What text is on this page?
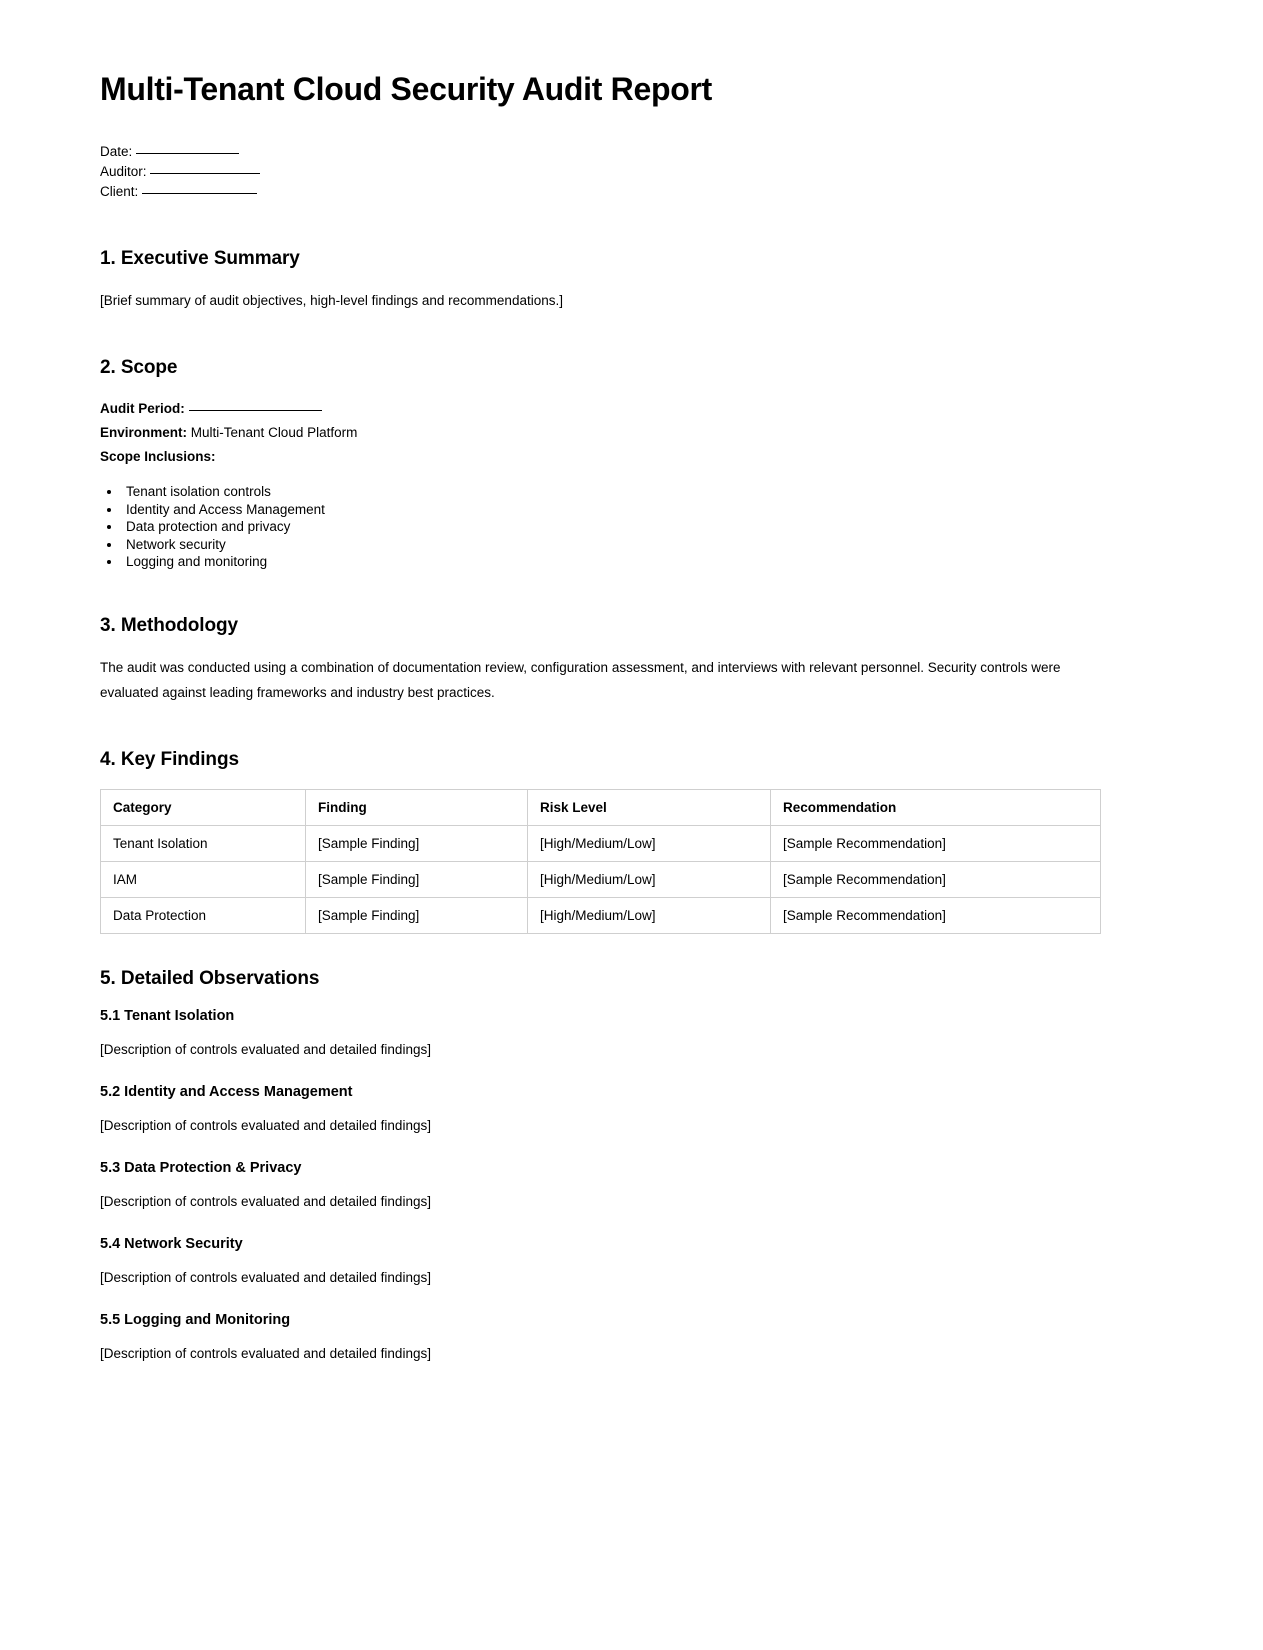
Multi-Tenant Cloud Security Audit Report
Date:
Auditor:
Client:
1. Executive Summary

[Brief summary of audit objectives, high-level findings and recommendations.]

2. Scope

Audit Period:

Environment: Multi-Tenant Cloud Platform

Scope Inclusions:

• Tenant isolation controls
• Identity and Access Management
• Data protection and privacy
• Network security
• Logging and monitoring
3. Methodology

The audit was conducted using a combination of documentation review, configuration assessment, and interviews with relevant personnel. Security controls were evaluated against leading frameworks and industry best practices.

4. Key Findings
Category	Finding	Risk Level	Recommendation
Tenant Isolation	[Sample Finding]	[High/Medium/Low]	[Sample Recommendation]
IAM	[Sample Finding]	[High/Medium/Low]	[Sample Recommendation]
Data Protection	[Sample Finding]	[High/Medium/Low]	[Sample Recommendation]
5. Detailed Observations
5.1 Tenant Isolation

[Description of controls evaluated and detailed findings]

5.2 Identity and Access Management

[Description of controls evaluated and detailed findings]

5.3 Data Protection & Privacy

[Description of controls evaluated and detailed findings]

5.4 Network Security

[Description of controls evaluated and detailed findings]

5.5 Logging and Monitoring

[Description of controls evaluated and detailed findings]
